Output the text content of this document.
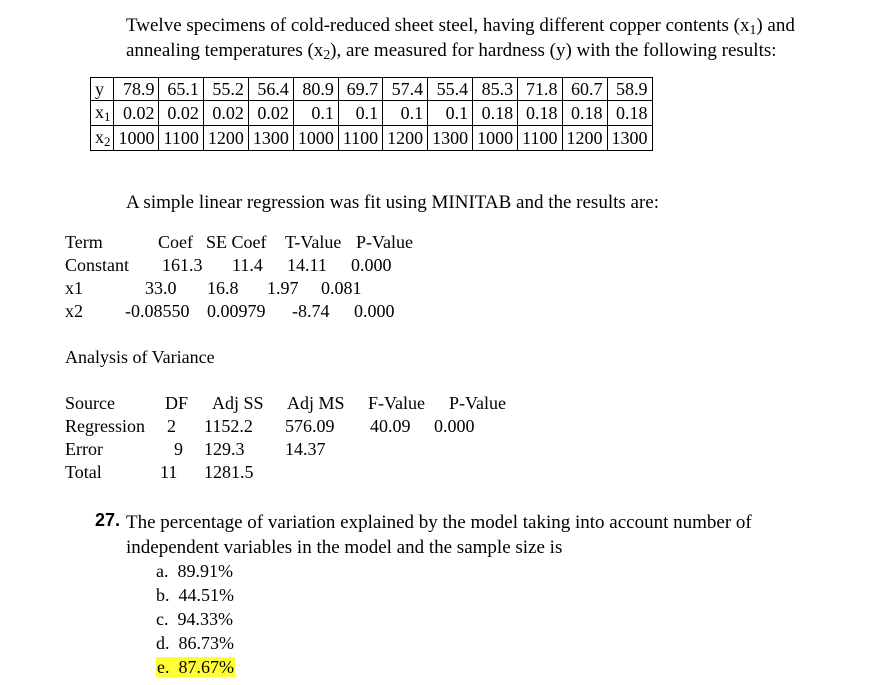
Twelve specimens of cold-reduced sheet steel, having different copper contents (x1) and
annealing temperatures (x2), are measured for hardness (y) with the following results:
y	78.9	65.1	55.2	56.4	80.9	69.7	57.4	55.4	85.3	71.8	60.7	58.9
x1	0.02	0.02	0.02	0.02	0.1	0.1	0.1	0.1	0.18	0.18	0.18	0.18
x2	1000	1100	1200	1300	1000	1100	1200	1300	1000	1100	1200	1300
A simple linear regression was fit using MINITAB and the results are:
Term	Coef SE Coef T-Value P-Value
Constant 161.3 11.4 14.11 0.000
x1	33.0 16.8 1.97 0.081
x2 -0.08550 0.00979 -8.74 0.000
Analysis of Variance
Source	DF Adj SS Adj MS F-Value P-Value
Regression 2 1152.2 576.09 40.09 0.000
Error	9 129.3 14.37
Total	11 1281.5
27. The percentage of variation explained by the model taking into account number of
independent variables in the model and the sample size is
a. 89.91%
b. 44.51%
c. 94.33%
d. 86.73%
e. 87.67%
